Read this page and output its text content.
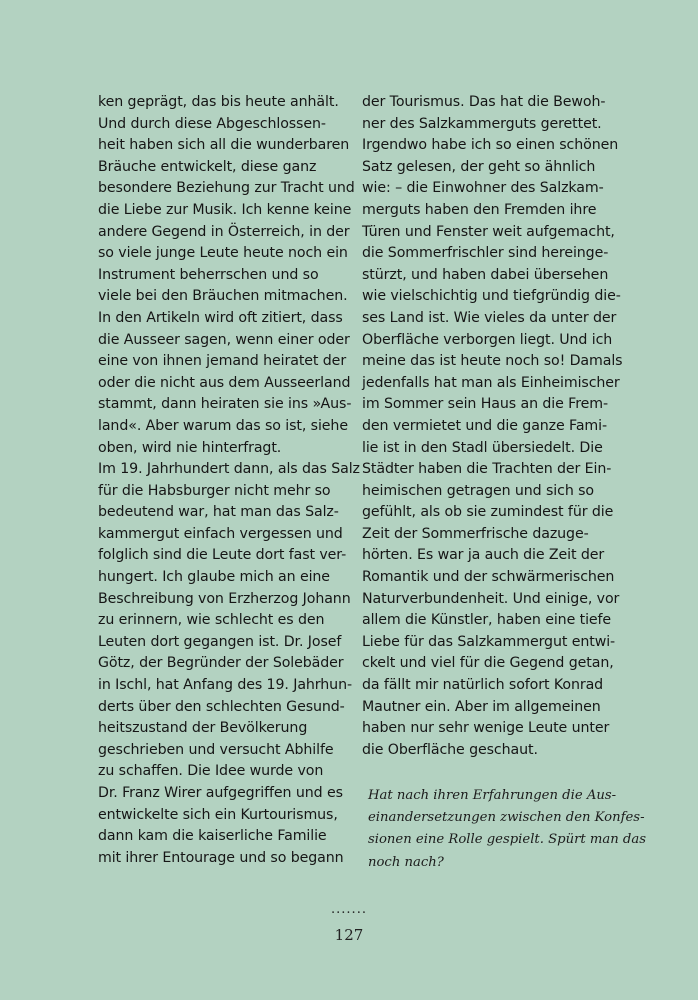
ken geprägt, das bis heute anhält.
Und durch diese Abgeschlossen-
heit haben sich all die wunderbaren
Bräuche entwickelt, diese ganz
besondere Beziehung zur Tracht und
die Liebe zur Musik. Ich kenne keine
andere Gegend in Österreich, in der
so viele junge Leute heute noch ein
Instrument beherrschen und so
viele bei den Bräuchen mitmachen.
In den Artikeln wird oft zitiert, dass
die Ausseer sagen, wenn einer oder
eine von ihnen jemand heiratet der
oder die nicht aus dem Ausseerland
stammt, dann heiraten sie ins »Aus-
land«. Aber warum das so ist, siehe
oben, wird nie hinterfragt.
Im 19. Jahrhundert dann, als das Salz
für die Habsburger nicht mehr so
bedeutend war, hat man das Salz-
kammergut einfach vergessen und
folglich sind die Leute dort fast ver-
hungert. Ich glaube mich an eine
Beschreibung von Erzherzog Johann
zu erinnern, wie schlecht es den
Leuten dort gegangen ist. Dr. Josef
Götz, der Begründer der Solebäder
in Ischl, hat Anfang des 19. Jahrhun-
derts über den schlechten Gesund-
heitszustand der Bevölkerung
geschrieben und versucht Abhilfe
zu schaffen. Die Idee wurde von
Dr. Franz Wirer aufgegriffen und es
entwickelte sich ein Kurtourismus,
dann kam die kaiserliche Familie
mit ihrer Entourage und so begann
der Tourismus. Das hat die Bewoh-
ner des Salzkammerguts gerettet.
Irgendwo habe ich so einen schönen
Satz gelesen, der geht so ähnlich
wie: – die Einwohner des Salzkam-
merguts haben den Fremden ihre
Türen und Fenster weit aufgemacht,
die Sommerfrischler sind hereinge-
stürzt, und haben dabei übersehen
wie vielschichtig und tiefgründig die-
ses Land ist. Wie vieles da unter der
Oberfläche verborgen liegt. Und ich
meine das ist heute noch so! Damals
jedenfalls hat man als Einheimischer
im Sommer sein Haus an die Frem-
den vermietet und die ganze Fami-
lie ist in den Stadl übersiedelt. Die
Städter haben die Trachten der Ein-
heimischen getragen und sich so
gefühlt, als ob sie zumindest für die
Zeit der Sommerfrische dazuge-
hörten. Es war ja auch die Zeit der
Romantik und der schwärmerischen
Naturverbundenheit. Und einige, vor
allem die Künstler, haben eine tiefe
Liebe für das Salzkammergut entwi-
ckelt und viel für die Gegend getan,
da fällt mir natürlich sofort Konrad
Mautner ein. Aber im allgemeinen
haben nur sehr wenige Leute unter
die Oberfläche geschaut.
Hat nach ihren Erfahrungen die Aus-
einandersetzungen zwischen den Konfes-
sionen eine Rolle gespielt. Spürt man das
noch nach?
.......
127
